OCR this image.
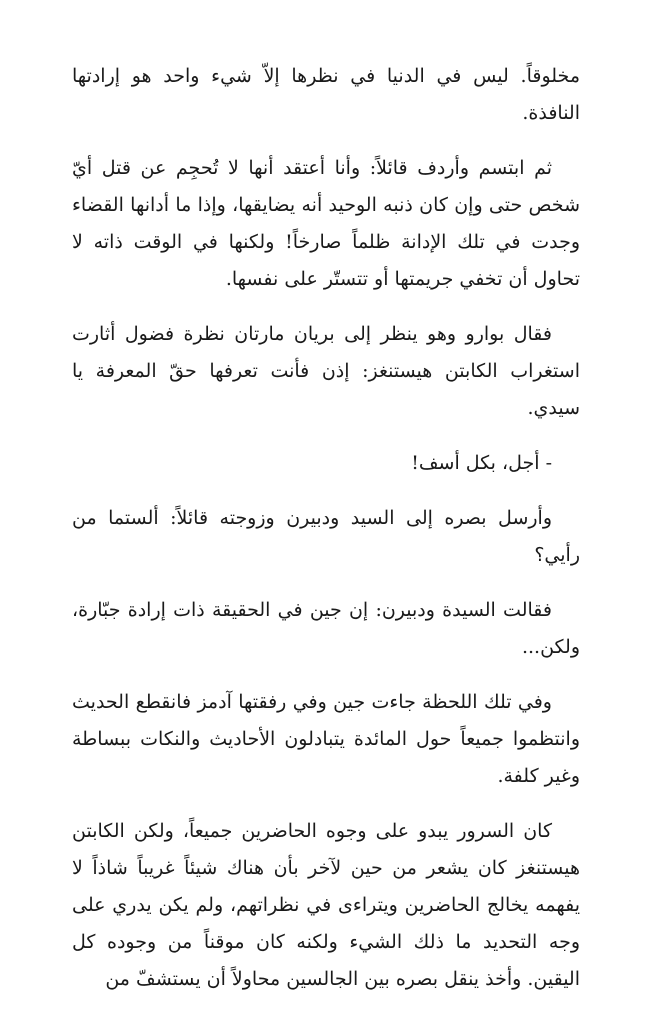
مخلوقاً. ليس في الدنيا في نظرها إلاّ شيء واحد هو إرادتها النافذة.

ثم ابتسم وأردف قائلاً: وأنا أعتقد أنها لا تُحجِم عن قتل أيّ شخص حتى وإن كان ذنبه الوحيد أنه يضايقها، وإذا ما أدانها القضاء وجدت في تلك الإدانة ظلماً صارخاً! ولكنها في الوقت ذاته لا تحاول أن تخفي جريمتها أو تتستّر على نفسها.

فقال بوارو وهو ينظر إلى بريان مارتان نظرة فضول أثارت استغراب الكابتن هيستنغز: إذن فأنت تعرفها حقّ المعرفة يا سيدي.

- أجل، بكل أسف!

وأرسل بصره إلى السيد ودبيرن وزوجته قائلاً: ألستما من رأيي؟

فقالت السيدة ودبيرن: إن جين في الحقيقة ذات إرادة جبّارة، ولكن...

وفي تلك اللحظة جاءت جين وفي رفقتها آدمز فانقطع الحديث وانتظموا جميعاً حول المائدة يتبادلون الأحاديث والنكات ببساطة وغير كلفة.

كان السرور يبدو على وجوه الحاضرين جميعاً، ولكن الكابتن هيستنغز كان يشعر من حين لآخر بأن هناك شيئاً غريباً شاذاً لا يفهمه يخالج الحاضرين ويتراءى في نظراتهم، ولم يكن يدري على وجه التحديد ما ذلك الشيء ولكنه كان موقناً من وجوده كل اليقين. وأخذ ينقل بصره بين الجالسين محاولاً أن يستشفّ من
